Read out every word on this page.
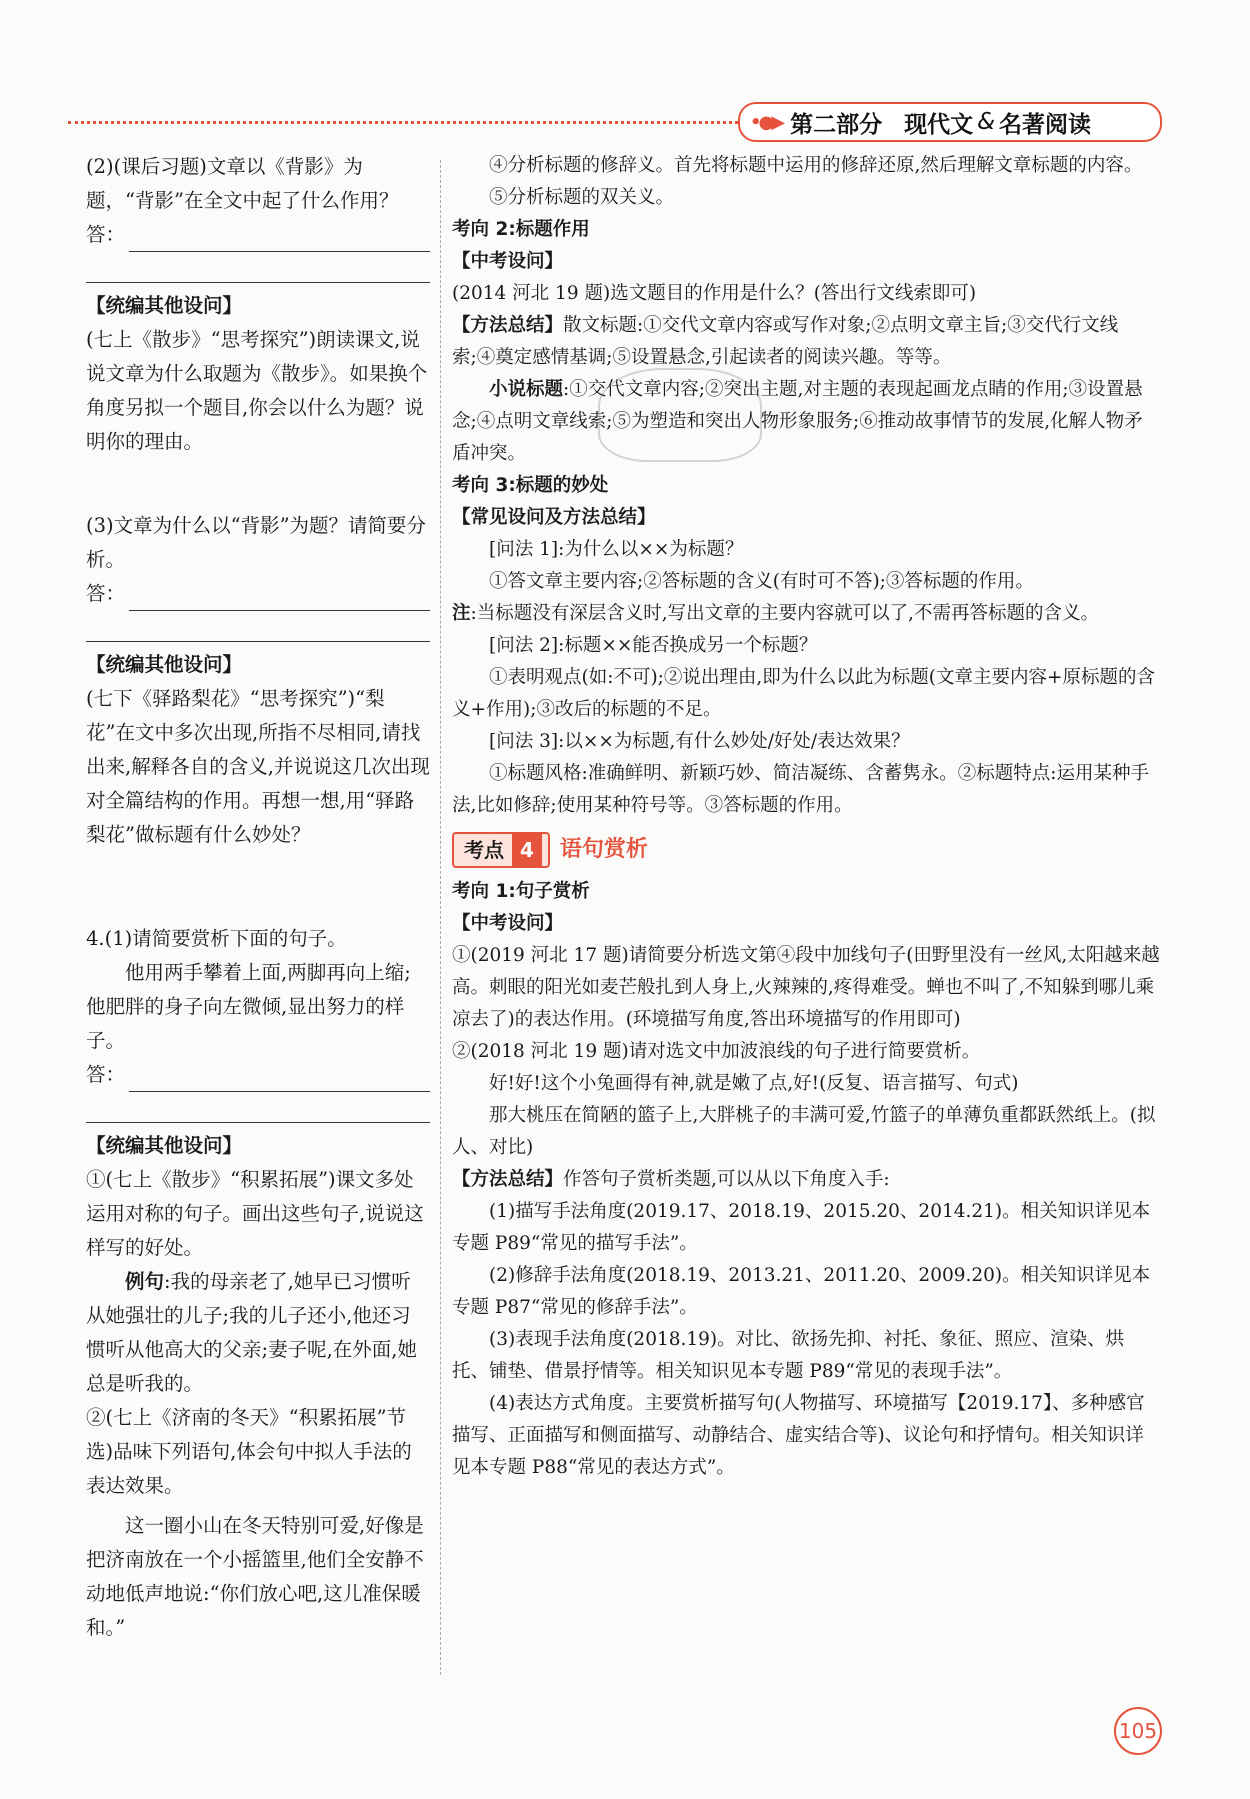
•●▶ 第二部分 现代文 & 名著阅读

(2)(课后习题)文章以《背影》为题，“背影”在全文中起了什么作用？

答：

【统编其他设问】

(七上《散步》“思考探究”)朗读课文,说说文章为什么取题为《散步》。如果换个角度另拟一个题目,你会以什么为题？说明你的理由。

(3)文章为什么以“背影”为题？请简要分析。

答：

【统编其他设问】

(七下《驿路梨花》“思考探究”)“梨花”在文中多次出现,所指不尽相同,请找出来,解释各自的含义,并说说这几次出现对全篇结构的作用。再想一想,用“驿路梨花”做标题有什么妙处？

4.(1)请简要赏析下面的句子。

他用两手攀着上面,两脚再向上缩;他肥胖的身子向左微倾,显出努力的样子。

答：

【统编其他设问】

①(七上《散步》“积累拓展”)课文多处运用对称的句子。画出这些句子,说说这样写的好处。

例句:我的母亲老了,她早已习惯听从她强壮的儿子;我的儿子还小,他还习惯听从他高大的父亲;妻子呢,在外面,她总是听我的。

②(七上《济南的冬天》“积累拓展”节选)品味下列语句,体会句中拟人手法的表达效果。

这一圈小山在冬天特别可爱,好像是把济南放在一个小摇篮里,他们全安静不动地低声地说:“你们放心吧,这儿准保暖和。”

④分析标题的修辞义。首先将标题中运用的修辞还原,然后理解文章标题的内容。

⑤分析标题的双关义。

考向 2:标题作用

【中考设问】

(2014 河北 19 题)选文题目的作用是什么？(答出行文线索即可)

【方法总结】散文标题:①交代文章内容或写作对象;②点明文章主旨;③交代行文线索;④奠定感情基调;⑤设置悬念,引起读者的阅读兴趣。等等。

小说标题:①交代文章内容;②突出主题,对主题的表现起画龙点睛的作用;③设置悬念;④点明文章线索;⑤为塑造和突出人物形象服务;⑥推动故事情节的发展,化解人物矛盾冲突。

考向 3:标题的妙处

【常见设问及方法总结】

[问法 1]:为什么以××为标题？

①答文章主要内容;②答标题的含义(有时可不答);③答标题的作用。

注:当标题没有深层含义时,写出文章的主要内容就可以了,不需再答标题的含义。

[问法 2]:标题××能否换成另一个标题？

①表明观点(如:不可);②说出理由,即为什么以此为标题(文章主要内容+原标题的含义+作用);③改后的标题的不足。

[问法 3]:以××为标题,有什么妙处/好处/表达效果？

①标题风格:准确鲜明、新颖巧妙、简洁凝练、含蓄隽永。②标题特点:运用某种手法,比如修辞;使用某种符号等。③答标题的作用。

考点 4	语句赏析

考向 1:句子赏析

【中考设问】

①(2019 河北 17 题)请简要分析选文第④段中加线句子(田野里没有一丝风,太阳越来越高。刺眼的阳光如麦芒般扎到人身上,火辣辣的,疼得难受。蝉也不叫了,不知躲到哪儿乘凉去了)的表达作用。(环境描写角度,答出环境描写的作用即可)

②(2018 河北 19 题)请对选文中加波浪线的句子进行简要赏析。

好!好!这个小兔画得有神,就是嫩了点,好!(反复、语言描写、句式)

那大桃压在简陋的篮子上,大胖桃子的丰满可爱,竹篮子的单薄负重都跃然纸上。(拟人、对比)

【方法总结】作答句子赏析类题,可以从以下角度入手:

(1)描写手法角度(2019.17、2018.19、2015.20、2014.21)。相关知识详见本专题 P89“常见的描写手法”。

(2)修辞手法角度(2018.19、2013.21、2011.20、2009.20)。相关知识详见本专题 P87“常见的修辞手法”。

(3)表现手法角度(2018.19)。对比、欲扬先抑、衬托、象征、照应、渲染、烘托、铺垫、借景抒情等。相关知识见本专题 P89“常见的表现手法”。

(4)表达方式角度。主要赏析描写句(人物描写、环境描写【2019.17】、多种感官描写、正面描写和侧面描写、动静结合、虚实结合等)、议论句和抒情句。相关知识详见本专题 P88“常见的表达方式”。

105
